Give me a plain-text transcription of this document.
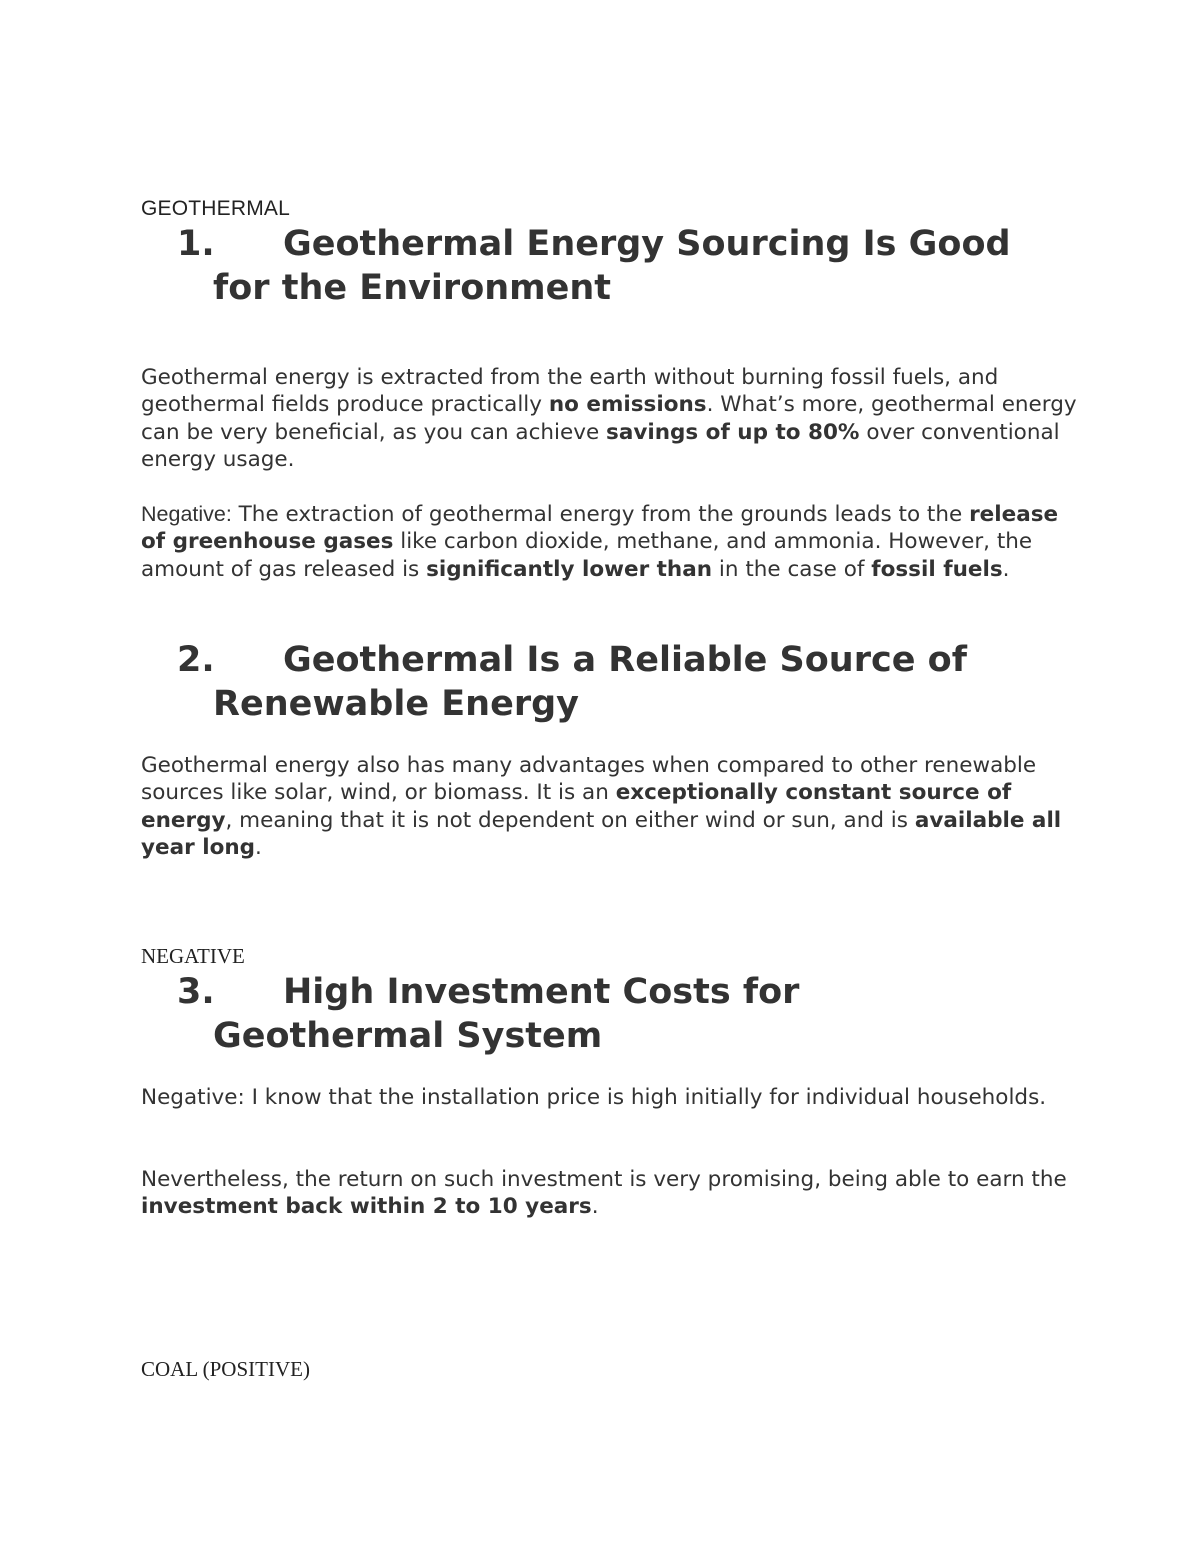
GEOTHERMAL
1. Geothermal Energy Sourcing Is Good
for the Environment

Geothermal energy is extracted from the earth without burning fossil fuels, and geothermal fields produce practically no emissions. What’s more, geothermal energy can be very beneficial, as you can achieve savings of up to 80% over conventional energy usage.

Negative: The extraction of geothermal energy from the grounds leads to the release of greenhouse gases like carbon dioxide, methane, and ammonia. However, the amount of gas released is significantly lower than in the case of fossil fuels.

2. Geothermal Is a Reliable Source of
Renewable Energy

Geothermal energy also has many advantages when compared to other renewable sources like solar, wind, or biomass. It is an exceptionally constant source of energy, meaning that it is not dependent on either wind or sun, and is available all year long.

NEGATIVE
3. High Investment Costs for
Geothermal System

Negative: I know that the installation price is high initially for individual households.

Nevertheless, the return on such investment is very promising, being able to earn the investment back within 2 to 10 years.

COAL (POSITIVE)
